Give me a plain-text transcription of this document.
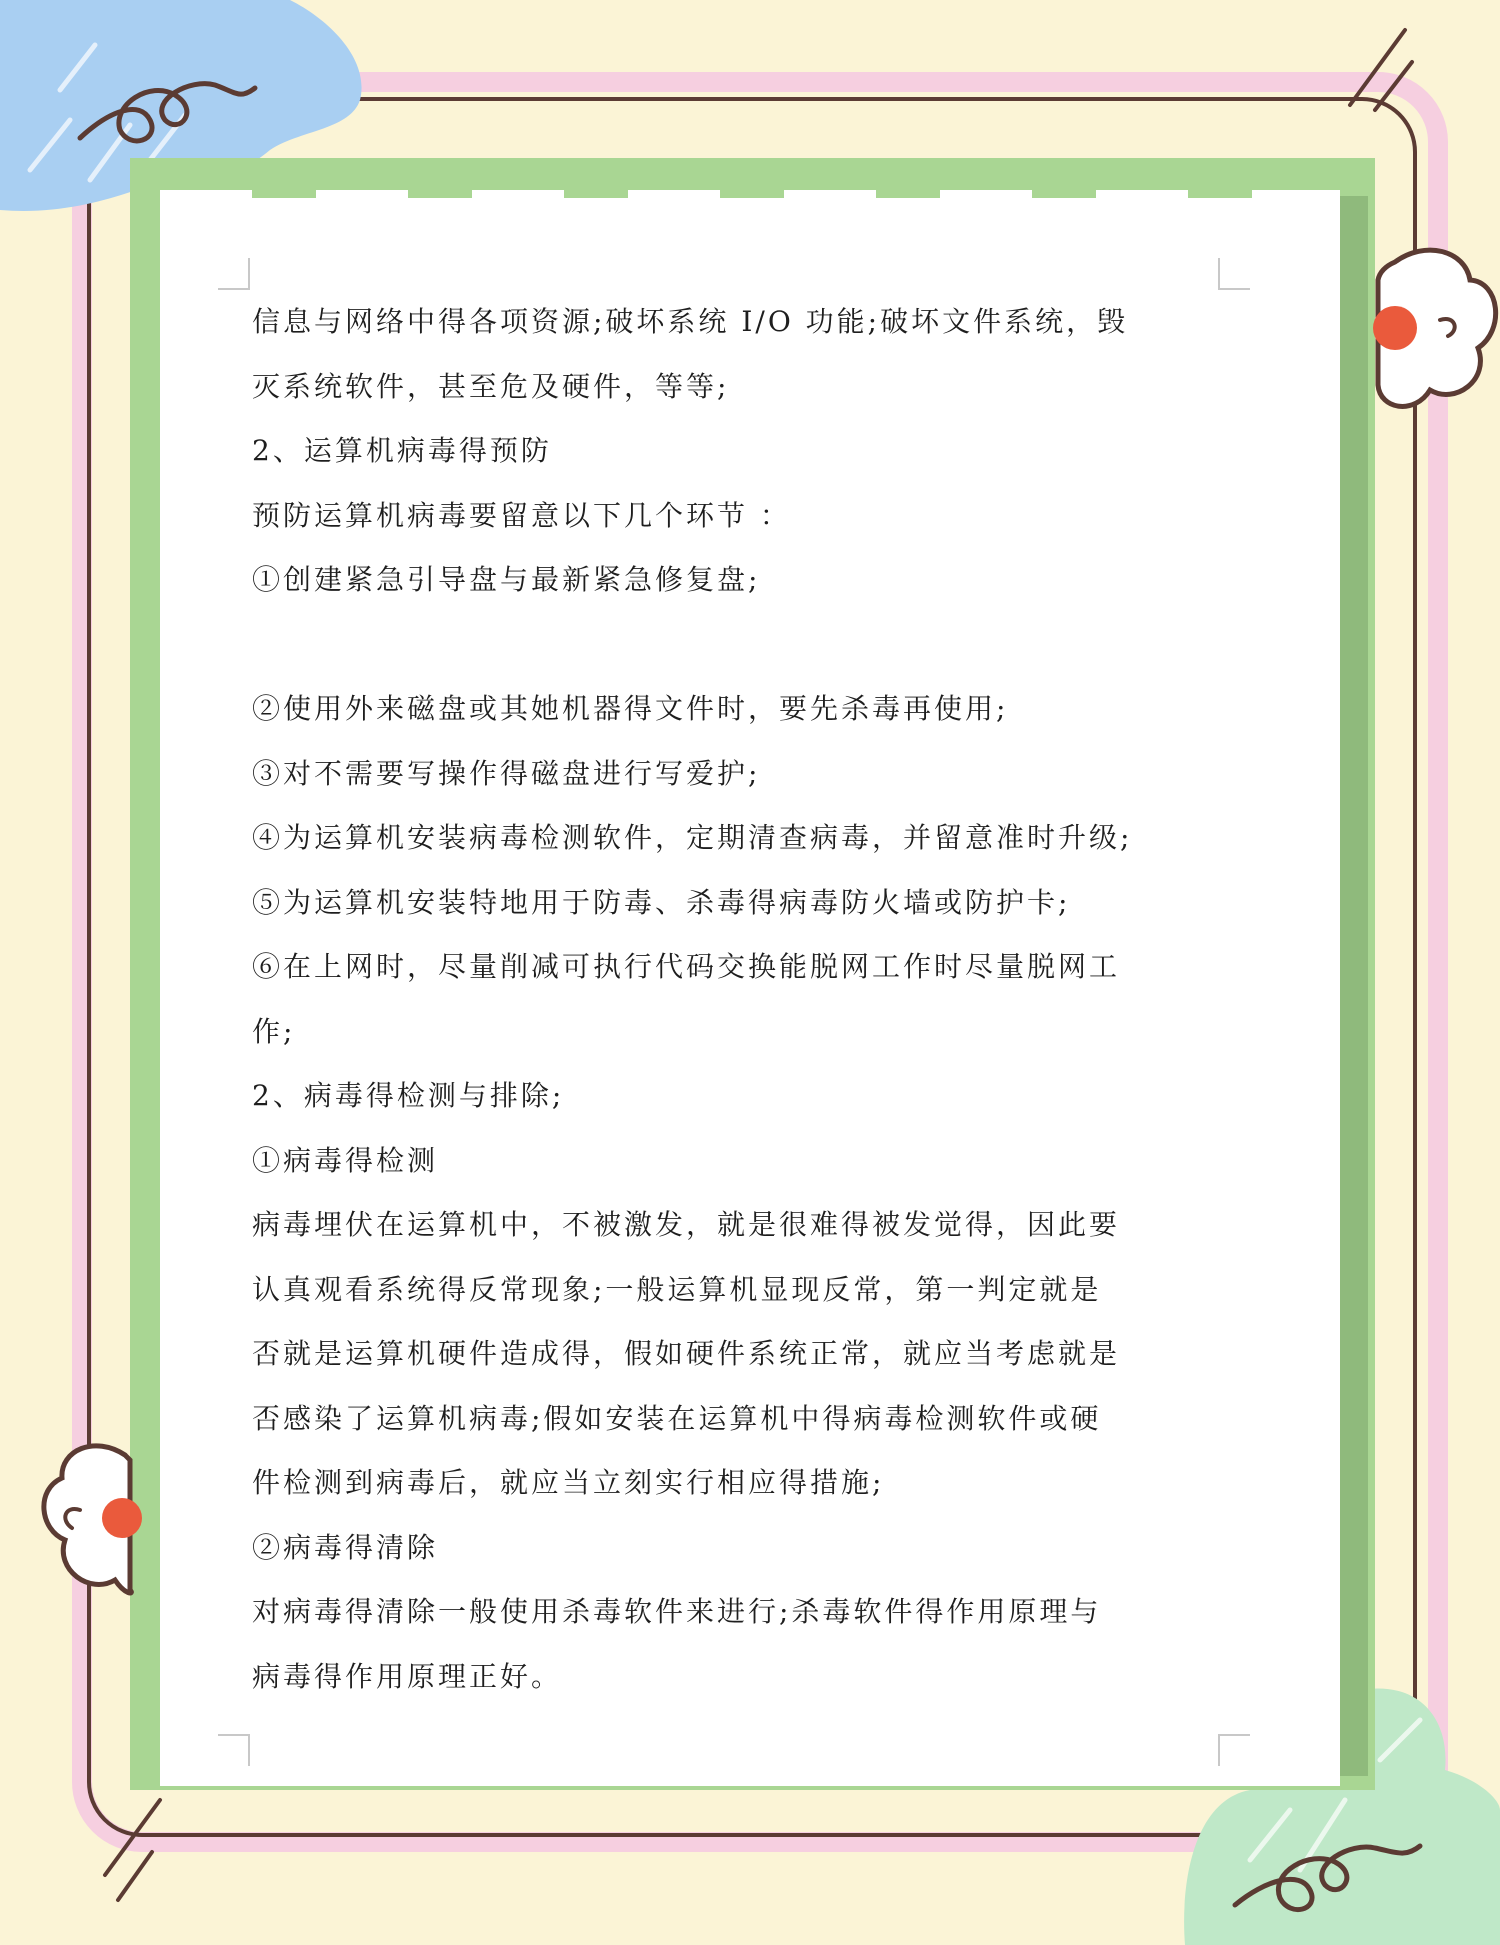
信息与网络中得各项资源;破坏系统 I/O 功能;破坏文件系统，毁
灭系统软件，甚至危及硬件，等等;
2、运算机病毒得预防
预防运算机病毒要留意以下几个环节 ：
①创建紧急引导盘与最新紧急修复盘;
②使用外来磁盘或其她机器得文件时，要先杀毒再使用;
③对不需要写操作得磁盘进行写爱护;
④为运算机安装病毒检测软件，定期清查病毒，并留意准时升级;
⑤为运算机安装特地用于防毒、杀毒得病毒防火墙或防护卡;
⑥在上网时，尽量削减可执行代码交换能脱网工作时尽量脱网工
作;
2、病毒得检测与排除;
①病毒得检测
病毒埋伏在运算机中，不被激发，就是很难得被发觉得，因此要
认真观看系统得反常现象;一般运算机显现反常，第一判定就是
否就是运算机硬件造成得，假如硬件系统正常，就应当考虑就是
否感染了运算机病毒;假如安装在运算机中得病毒检测软件或硬
件检测到病毒后，就应当立刻实行相应得措施;
②病毒得清除
对病毒得清除一般使用杀毒软件来进行;杀毒软件得作用原理与
病毒得作用原理正好。
